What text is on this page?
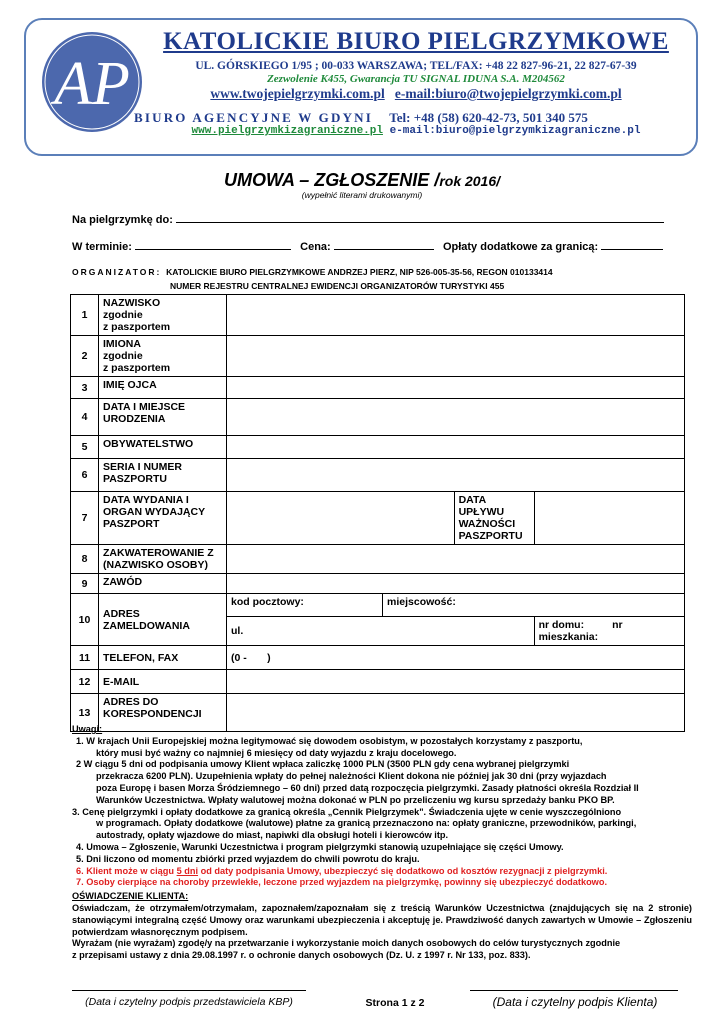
AP
KATOLICKIE BIURO PIELGRZYMKOWE
UL. GÓRSKIEGO 1/95 ; 00-033 WARSZAWA; TEL/FAX: +48 22 827-96-21, 22 827-67-39
Zezwolenie K455, Gwarancja TU SIGNAL IDUNA S.A. M204562
www.twojepielgrzymki.com.pl e-mail:biuro@twojepielgrzymki.com.pl
BIURO AGENCYJNE W GDYNI Tel: +48 (58) 620-42-73, 501 340 575
www.pielgrzymkizagraniczne.pl e-mail:biuro@pielgrzymkizagraniczne.pl
UMOWA – ZGŁOSZENIE /rok 2016/
(wypełnić literami drukowanymi)
Na pielgrzymkę do:
W terminie:	Cena:	Opłaty dodatkowe za granicą:
ORGANIZATOR: KATOLICKIE BIURO PIELGRZYMKOWE ANDRZEJ PIERZ, NIP 526-005-35-56, REGON 010133414
NUMER REJESTRU CENTRALNEJ EWIDENCJI ORGANIZATORÓW TURYSTYKI 455
1	NAZWISKO
zgodnie
z paszportem				

2	IMIONA
zgodnie
z paszportem				

3	IMIĘ OJCA				
4	DATA I MIEJSCE URODZENIA				
5	OBYWATELSTWO				
6	SERIA I NUMER PASZPORTU				
7	DATA WYDANIA I ORGAN WYDAJĄCY PASZPORT			DATA UPŁYWU WAŻNOŚCI PASZPORTU	
8	ZAKWATEROWANIE Z (NAZWISKO OSOBY)				
9	ZAWÓD				
10	ADRES ZAMELDOWANIA	kod pocztowy:	miejscowość:		
		ul.			nr domu: nr mieszkania:
11	TELEFON, FAX	(0 -       )			
12	E-MAIL				
13	ADRES DO KORESPONDENCJI				

Uwagi:

1. W krajach Unii Europejskiej można legitymować się dowodem osobistym, w pozostałych korzystamy z paszportu,

który musi być ważny co najmniej 6 miesięcy od daty wyjazdu z kraju docelowego.

2 W ciągu 5 dni od podpisania umowy Klient wpłaca zaliczkę 1000 PLN (3500 PLN gdy cena wybranej pielgrzymki

przekracza 6200 PLN). Uzupełnienia wpłaty do pełnej należności Klient dokona nie później jak 30 dni (przy wyjazdach

poza Europę i basen Morza Śródziemnego – 60 dni) przed datą rozpoczęcia pielgrzymki. Zasady płatności określa Rozdział II

Warunków Uczestnictwa. Wpłaty walutowej można dokonać w PLN po przeliczeniu wg kursu sprzedaży banku PKO BP.

3. Cenę pielgrzymki i opłaty dodatkowe za granicą określa „Cennik Pielgrzymek". Świadczenia ujęte w cenie wyszczególniono

w programach. Opłaty dodatkowe (walutowe) płatne za granicą przeznaczono na: opłaty graniczne, przewodników, parkingi,

autostrady, opłaty wjazdowe do miast, napiwki dla obsługi hoteli i kierowców itp.

4. Umowa – Zgłoszenie, Warunki Uczestnictwa i program pielgrzymki stanowią uzupełniające się części Umowy.

5. Dni liczono od momentu zbiórki przed wyjazdem do chwili powrotu do kraju.

6. Klient może w ciągu 5 dni od daty podpisania Umowy, ubezpieczyć się dodatkowo od kosztów rezygnacji z pielgrzymki.

7. Osoby cierpiące na choroby przewlekłe, leczone przed wyjazdem na pielgrzymkę, powinny się ubezpieczyć dodatkowo.

OŚWIADCZENIE KLIENTA:

Oświadczam, że otrzymałem/otrzymałam, zapoznałem/zapoznałam się z treścią Warunków Uczestnictwa (znajdujących się na 2 stronie) stanowiącymi integralną część Umowy oraz warunkami ubezpieczenia i akceptuję je. Prawdziwość danych zawartych w Umowie – Zgłoszeniu potwierdzam własnoręcznym podpisem.

Wyrażam (nie wyrażam) zgodę/y na przetwarzanie i wykorzystanie moich danych osobowych do celów turystycznych zgodnie

z przepisami ustawy z dnia 29.08.1997 r. o ochronie danych osobowych (Dz. U. z 1997 r. Nr 133, poz. 833).

(Data i czytelny podpis przedstawiciela KBP)	Strona 1 z 2	(Data i czytelny podpis Klienta)
